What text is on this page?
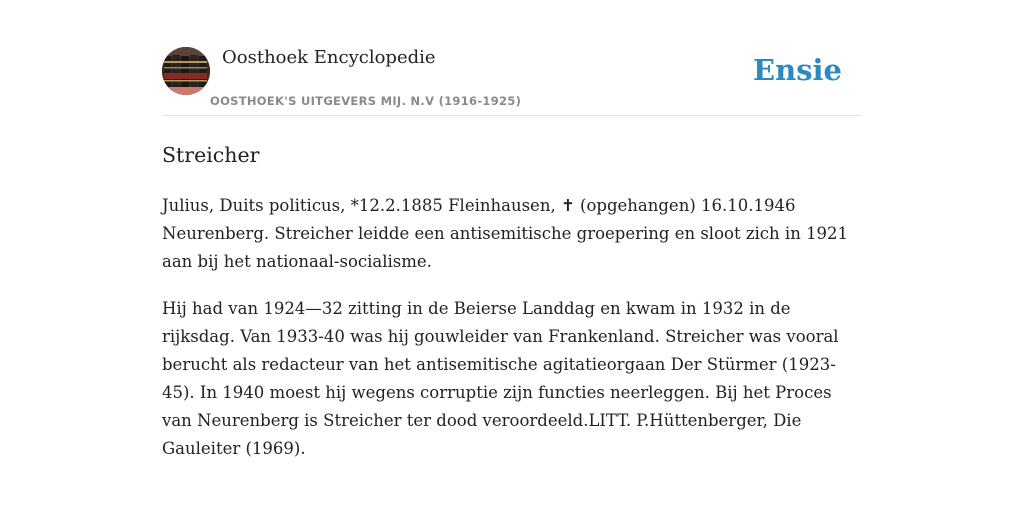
Oosthoek Encyclopedie
OOSTHOEK'S UITGEVERS MIJ. N.V (1916-1925)
Ensie
Streicher

Julius, Duits politicus, *12.2.1885 Fleinhausen, ✝ (opgehangen) 16.10.1946 Neurenberg. Streicher leidde een antisemitische groepering en sloot zich in 1921 aan bij het nationaal-socialisme.

Hij had van 1924—32 zitting in de Beierse Landdag en kwam in 1932 in de rijksdag. Van 1933-40 was hij gouwleider van Frankenland. Streicher was vooral berucht als redacteur van het antisemitische agitatieorgaan Der Stürmer (1923-45). In 1940 moest hij wegens corruptie zijn functies neerleggen. Bij het Proces van Neurenberg is Streicher ter dood veroordeeld.LITT. P.Hüttenberger, Die Gauleiter (1969).
